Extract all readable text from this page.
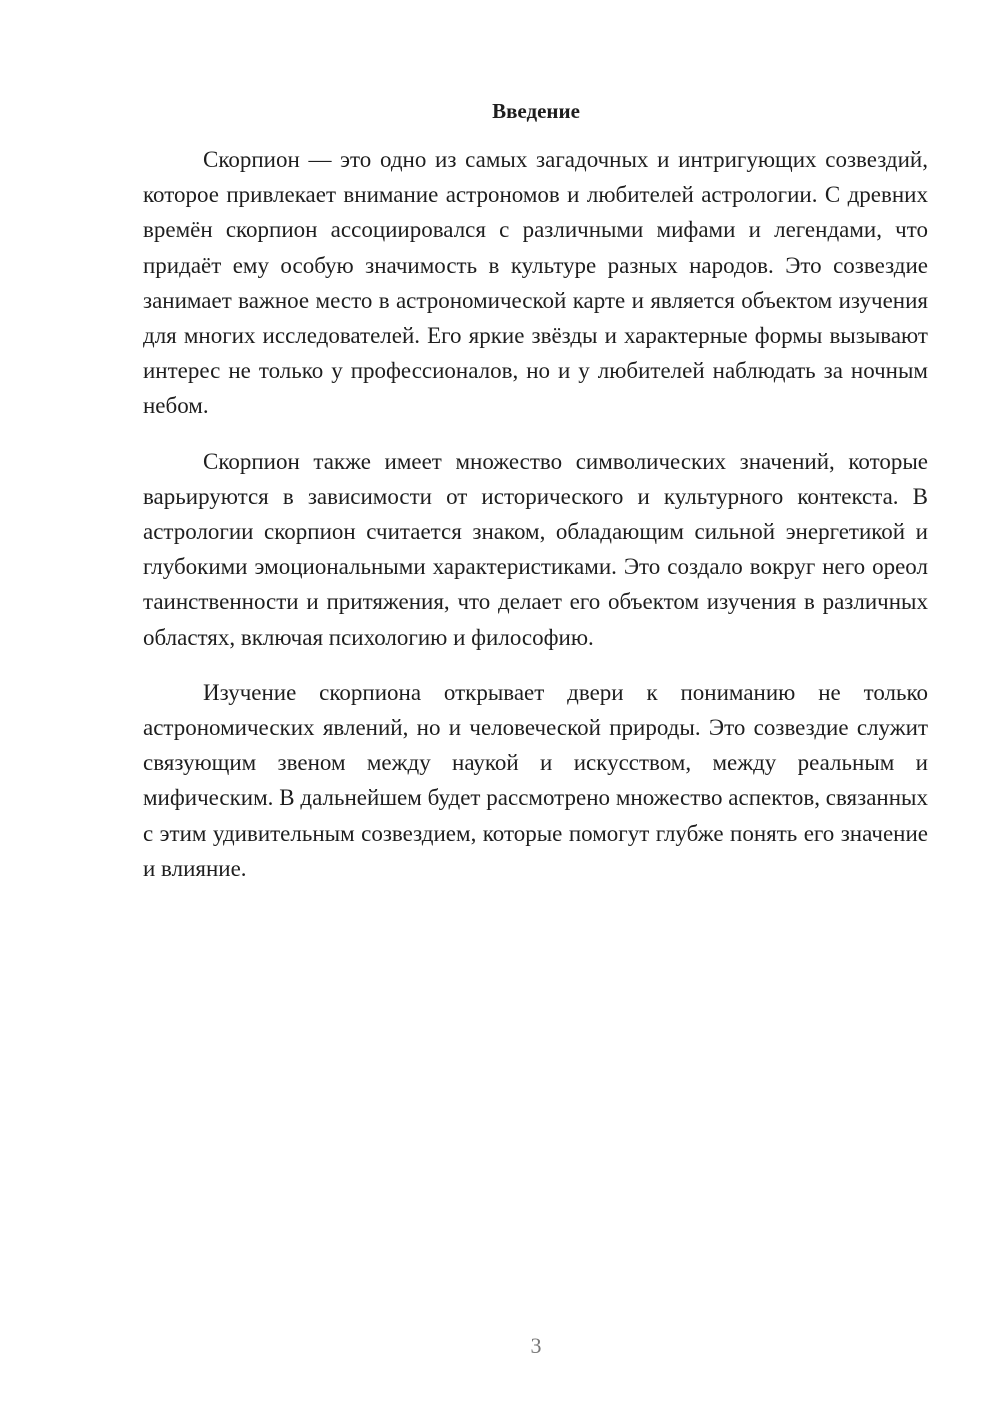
Введение

Скорпион — это одно из самых загадочных и интригующих созвездий, которое привлекает внимание астрономов и любителей астрологии. С древних времён скорпион ассоциировался с различными мифами и легендами, что придаёт ему особую значимость в культуре разных народов. Это созвездие занимает важное место в астрономической карте и является объектом изучения для многих исследователей. Его яркие звёзды и характерные формы вызывают интерес не только у профессионалов, но и у любителей наблюдать за ночным небом.

Скорпион также имеет множество символических значений, которые варьируются в зависимости от исторического и культурного контекста. В астрологии скорпион считается знаком, обладающим сильной энергетикой и глубокими эмоциональными характеристиками. Это создало вокруг него ореол таинственности и притяжения, что делает его объектом изучения в различных областях, включая психологию и философию.

Изучение скорпиона открывает двери к пониманию не только астрономических явлений, но и человеческой природы. Это созвездие служит связующим звеном между наукой и искусством, между реальным и мифическим. В дальнейшем будет рассмотрено множество аспектов, связанных с этим удивительным созвездием, которые помогут глубже понять его значение и влияние.

3
